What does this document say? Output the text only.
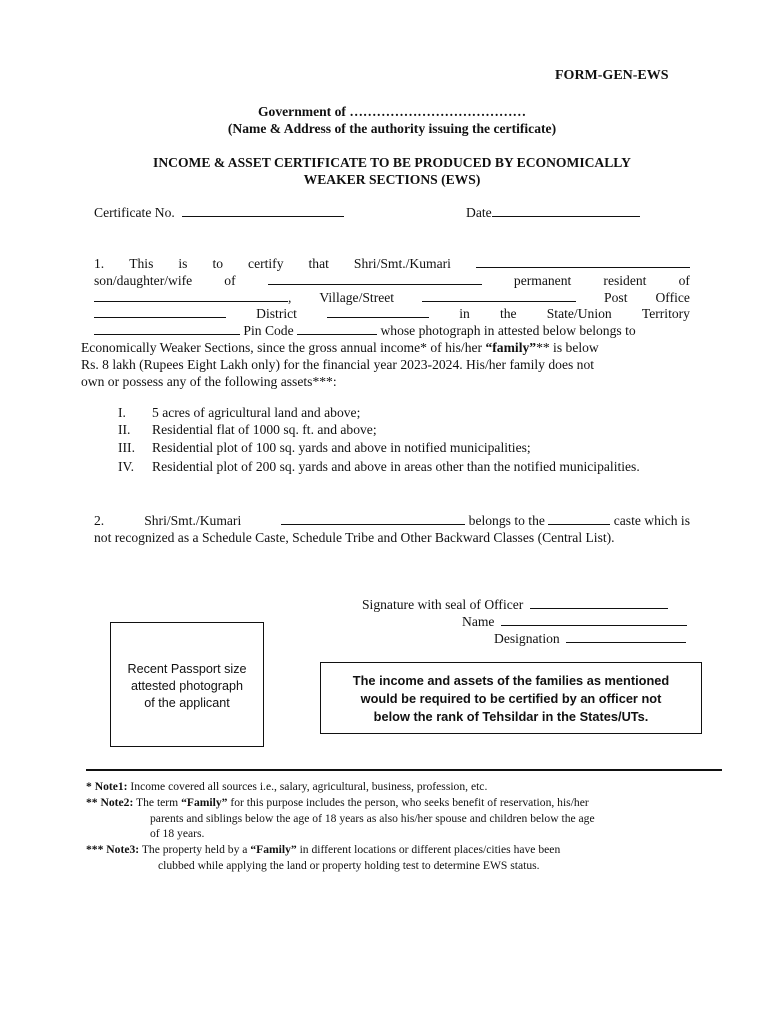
FORM-GEN-EWS
Government of …………………………………
(Name & Address of the authority issuing the certificate)
INCOME & ASSET CERTIFICATE TO BE PRODUCED BY ECONOMICALLY
WEAKER SECTIONS (EWS)
Certificate No.	Date
1. This is to certify that Shri/Smt./Kumari
son/daughter/wife of	permanent resident of
, Village/Street	Post Office
District	in the State/Union Territory
Pin Code	whose photograph in attested below belongs to
Economically Weaker Sections, since the gross annual income* of his/her “family”** is below
Rs. 8 lakh (Rupees Eight Lakh only) for the financial year 2023-2024. His/her family does not
own or possess any of the following assets***:
I.	5 acres of agricultural land and above;
II.	Residential flat of 1000 sq. ft. and above;
III.	Residential plot of 100 sq. yards and above in notified municipalities;
IV.	Residential plot of 200 sq. yards and above in areas other than the notified municipalities.
2.	Shri/Smt./Kumari	belongs to the	caste which is
not recognized as a Schedule Caste, Schedule Tribe and Other Backward Classes (Central List).
Signature with seal of Officer
Name
Designation
Recent Passport size
attested photograph
of the applicant
The income and assets of the families as mentioned
would be required to be certified by an officer not
below the rank of Tehsildar in the States/UTs.
* Note1: Income covered all sources i.e., salary, agricultural, business, profession, etc.
** Note2: The term “Family” for this purpose includes the person, who seeks benefit of reservation, his/her
parents and siblings below the age of 18 years as also his/her spouse and children below the age
of 18 years.
*** Note3: The property held by a “Family” in different locations or different places/cities have been
clubbed while applying the land or property holding test to determine EWS status.
